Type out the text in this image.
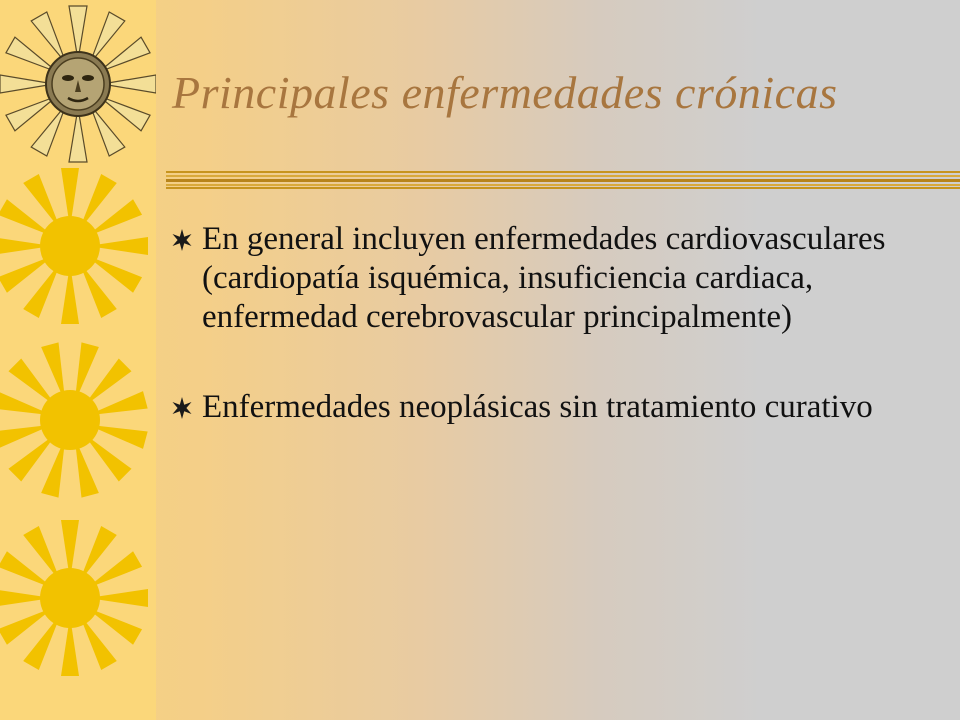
Principales enfermedades crónicas
En general incluyen enfermedades cardiovasculares (cardiopatía isquémica, insuficiencia cardiaca, enfermedad cerebrovascular principalmente)
Enfermedades neoplásicas sin tratamiento curativo
